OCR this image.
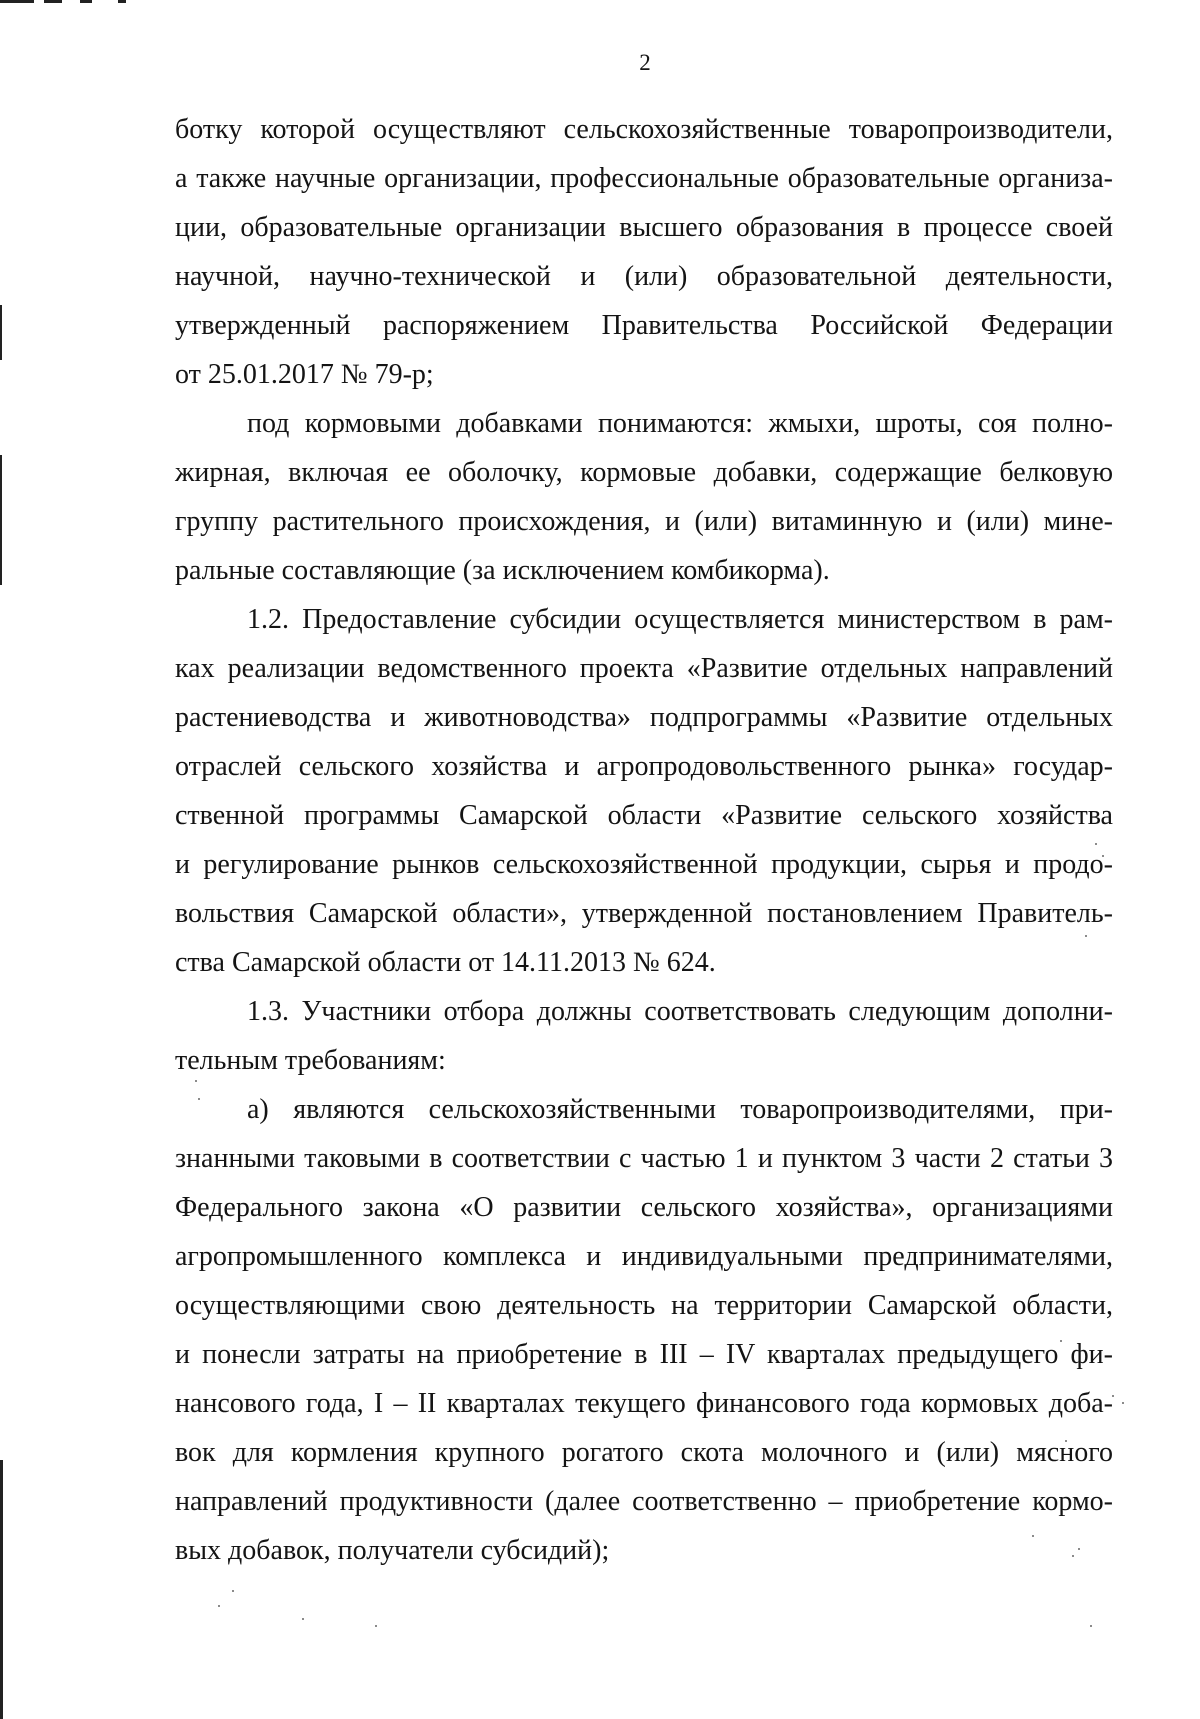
2
ботку которой осуществляют сельскохозяйственные товаропроизводители,
а также научные организации, профессиональные образовательные организа-
ции, образовательные организации высшего образования в процессе своей
научной, научно-технической и (или) образовательной деятельности,
утвержденный распоряжением Правительства Российской Федерации
от 25.01.2017 № 79-р;
под кормовыми добавками понимаются: жмыхи, шроты, соя полно-
жирная, включая ее оболочку, кормовые добавки, содержащие белковую
группу растительного происхождения, и (или) витаминную и (или) мине-
ральные составляющие (за исключением комбикорма).
1.2. Предоставление субсидии осуществляется министерством в рам-
ках реализации ведомственного проекта «Развитие отдельных направлений
растениеводства и животноводства» подпрограммы «Развитие отдельных
отраслей сельского хозяйства и агропродовольственного рынка» государ-
ственной программы Самарской области «Развитие сельского хозяйства
и регулирование рынков сельскохозяйственной продукции, сырья и продо-
вольствия Самарской области», утвержденной постановлением Правитель-
ства Самарской области от 14.11.2013 № 624.
1.3. Участники отбора должны соответствовать следующим дополни-
тельным требованиям:
а) являются сельскохозяйственными товаропроизводителями, при-
знанными таковыми в соответствии с частью 1 и пунктом 3 части 2 статьи 3
Федерального закона «О развитии сельского хозяйства», организациями
агропромышленного комплекса и индивидуальными предпринимателями,
осуществляющими свою деятельность на территории Самарской области,
и понесли затраты на приобретение в III – IV кварталах предыдущего фи-
нансового года, I – II кварталах текущего финансового года кормовых доба-
вок для кормления крупного рогатого скота молочного и (или) мясного
направлений продуктивности (далее соответственно – приобретение кормо-
вых добавок, получатели субсидий);
